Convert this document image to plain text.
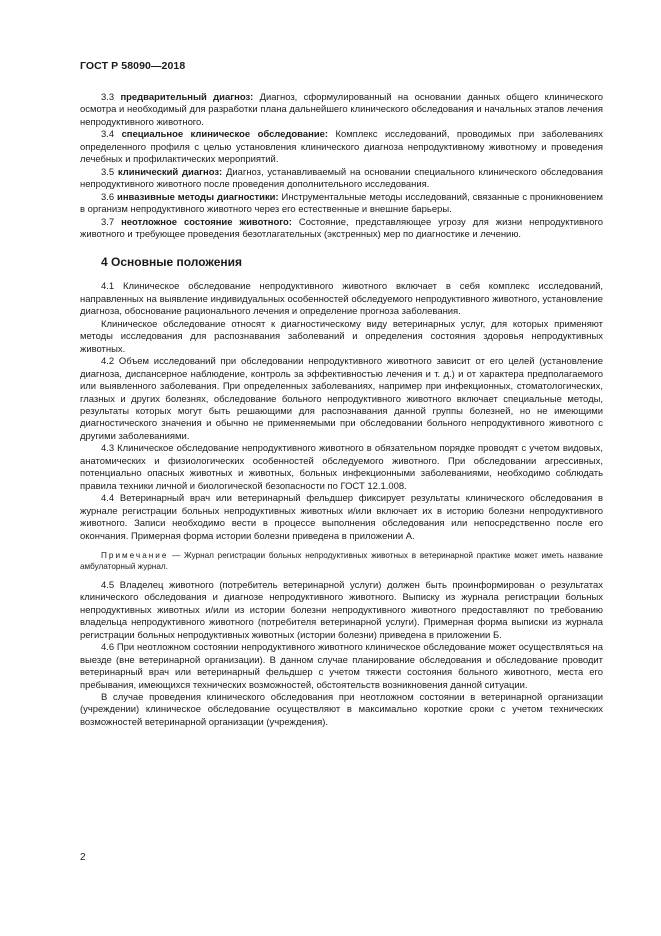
ГОСТ Р 58090—2018

3.3 предварительный диагноз: Диагноз, сформулированный на основании данных общего клинического осмотра и необходимый для разработки плана дальнейшего клинического обследования и начальных этапов лечения непродуктивного животного.

3.4 специальное клиническое обследование: Комплекс исследований, проводимых при заболеваниях определенного профиля с целью установления клинического диагноза непродуктивному животному и проведения лечебных и профилактических мероприятий.

3.5 клинический диагноз: Диагноз, устанавливаемый на основании специального клинического обследования непродуктивного животного после проведения дополнительного исследования.

3.6 инвазивные методы диагностики: Инструментальные методы исследований, связанные с проникновением в организм непродуктивного животного через его естественные и внешние барьеры.

3.7 неотложное состояние животного: Состояние, представляющее угрозу для жизни непродуктивного животного и требующее проведения безотлагательных (экстренных) мер по диагностике и лечению.

4 Основные положения

4.1 Клиническое обследование непродуктивного животного включает в себя комплекс исследований, направленных на выявление индивидуальных особенностей обследуемого непродуктивного животного, установление диагноза, обоснование рационального лечения и определение прогноза заболевания.

Клиническое обследование относят к диагностическому виду ветеринарных услуг, для которых применяют методы исследования для распознавания заболеваний и определения состояния здоровья непродуктивных животных.

4.2 Объем исследований при обследовании непродуктивного животного зависит от его целей (установление диагноза, диспансерное наблюдение, контроль за эффективностью лечения и т. д.) и от характера предполагаемого или выявленного заболевания. При определенных заболеваниях, например при инфекционных, стоматологических, глазных и других болезнях, обследование больного непродуктивного животного включает специальные методы, результаты которых могут быть решающими для распознавания данной группы болезней, но не имеющими диагностического значения и обычно не применяемыми при обследовании больного непродуктивного животного с другими заболеваниями.

4.3 Клиническое обследование непродуктивного животного в обязательном порядке проводят с учетом видовых, анатомических и физиологических особенностей обследуемого животного. При обследовании агрессивных, потенциально опасных животных и животных, больных инфекционными заболеваниями, необходимо соблюдать правила техники личной и биологической безопасности по ГОСТ 12.1.008.

4.4 Ветеринарный врач или ветеринарный фельдшер фиксирует результаты клинического обследования в журнале регистрации больных непродуктивных животных и/или включает их в историю болезни непродуктивного животного. Записи необходимо вести в процессе выполнения обследования или непосредственно после его окончания. Примерная форма истории болезни приведена в приложении А.

Примечание — Журнал регистрации больных непродуктивных животных в ветеринарной практике может иметь название амбулаторный журнал.

4.5 Владелец животного (потребитель ветеринарной услуги) должен быть проинформирован о результатах клинического обследования и диагнозе непродуктивного животного. Выписку из журнала регистрации больных непродуктивных животных и/или из истории болезни непродуктивного животного предоставляют по требованию владельца непродуктивного животного (потребителя ветеринарной услуги). Примерная форма выписки из журнала регистрации больных непродуктивных животных (истории болезни) приведена в приложении Б.

4.6 При неотложном состоянии непродуктивного животного клиническое обследование может осуществляться на выезде (вне ветеринарной организации). В данном случае планирование обследования и обследование проводит ветеринарный врач или ветеринарный фельдшер с учетом тяжести состояния больного животного, места его пребывания, имеющихся технических возможностей, обстоятельств возникновения данной ситуации.

В случае проведения клинического обследования при неотложном состоянии в ветеринарной организации (учреждении) клиническое обследование осуществляют в максимально короткие сроки с учетом технических возможностей ветеринарной организации (учреждения).

2
